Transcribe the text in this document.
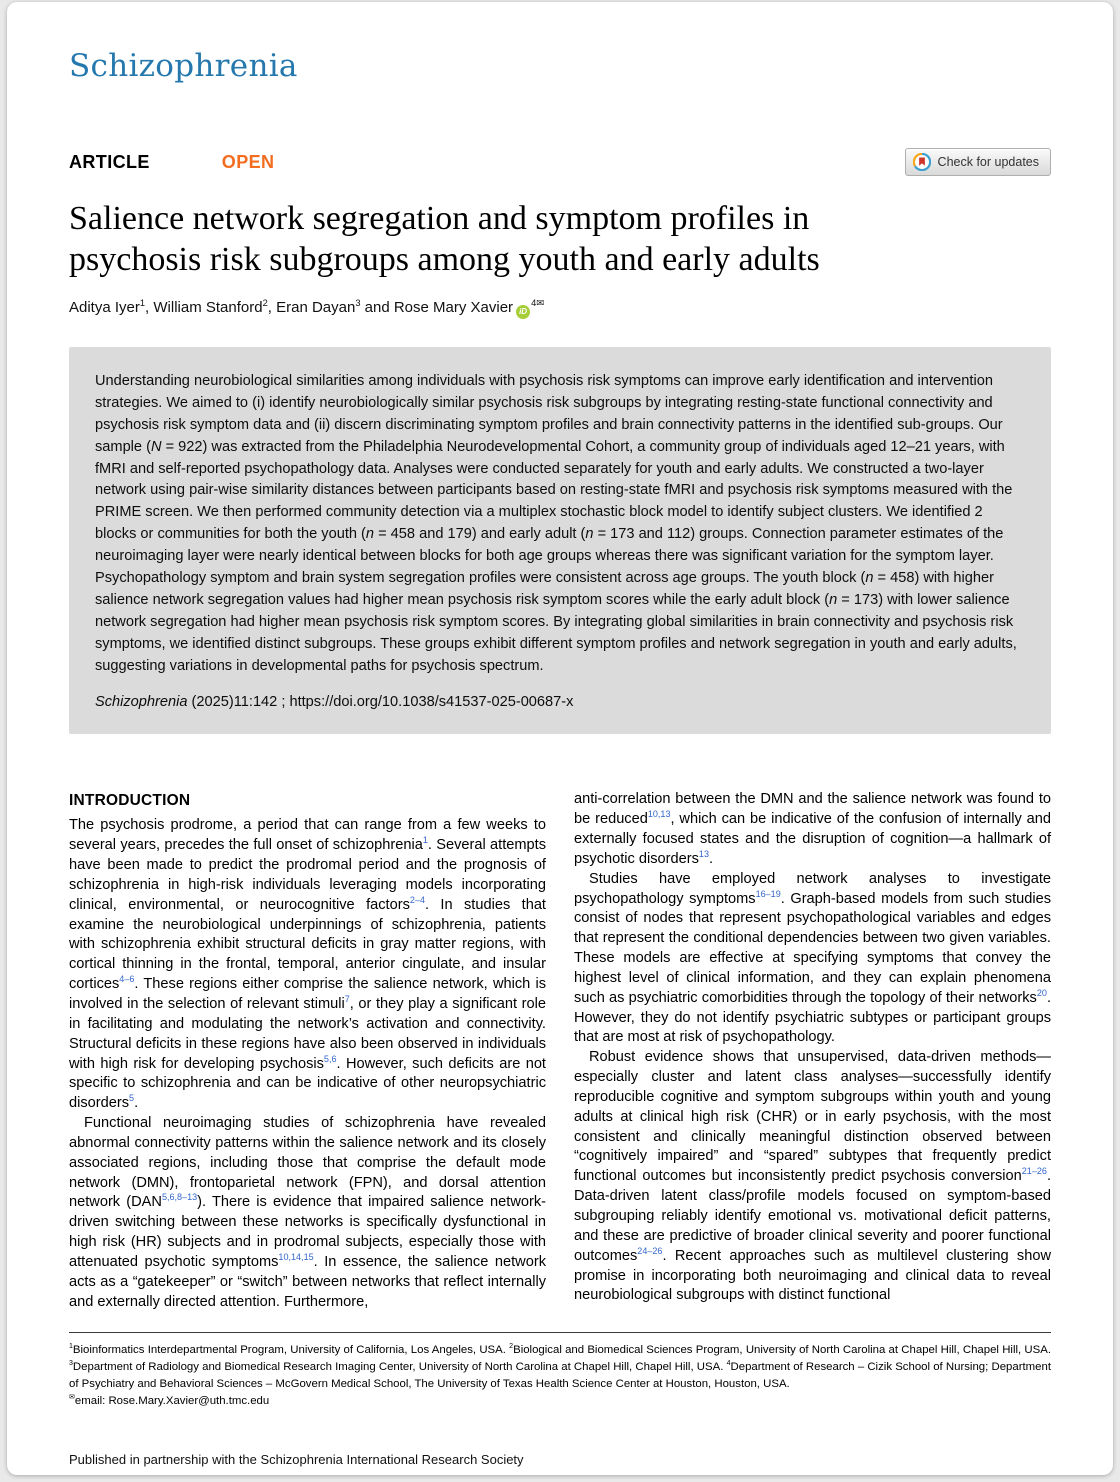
Schizophrenia
ARTICLE	OPEN	Check for updates
Salience network segregation and symptom profiles in
psychosis risk subgroups among youth and early adults
Aditya Iyer$^1$, William Stanford$^2$, Eran Dayan$^3$ and Rose Mary Xavier $iD^{4✉}$
Understanding neurobiological similarities among individuals with psychosis risk symptoms can improve early identification and intervention strategies. We aimed to (i) identify neurobiologically similar psychosis risk subgroups by integrating resting-state functional connectivity and psychosis risk symptom data and (ii) discern discriminating symptom profiles and brain connectivity patterns in the identified sub-groups. Our sample (N = 922) was extracted from the Philadelphia Neurodevelopmental Cohort, a community group of individuals aged 12–21 years, with fMRI and self-reported psychopathology data. Analyses were conducted separately for youth and early adults. We constructed a two-layer network using pair-wise similarity distances between participants based on resting-state fMRI and psychosis risk symptoms measured with the PRIME screen. We then performed community detection via a multiplex stochastic block model to identify subject clusters. We identified 2 blocks or communities for both the youth (n = 458 and 179) and early adult (n = 173 and 112) groups. Connection parameter estimates of the neuroimaging layer were nearly identical between blocks for both age groups whereas there was significant variation for the symptom layer. Psychopathology symptom and brain system segregation profiles were consistent across age groups. The youth block (n = 458) with higher salience network segregation values had higher mean psychosis risk symptom scores while the early adult block (n = 173) with lower salience network segregation had higher mean psychosis risk symptom scores. By integrating global similarities in brain connectivity and psychosis risk symptoms, we identified distinct subgroups. These groups exhibit different symptom profiles and network segregation in youth and early adults, suggesting variations in developmental paths for psychosis spectrum.
Schizophrenia (2025)11:142 ; https://doi.org/10.1038/s41537-025-00687-x
INTRODUCTION

The psychosis prodrome, a period that can range from a few weeks to several years, precedes the full onset of schizophrenia$^1$. Several attempts have been made to predict the prodromal period and the prognosis of schizophrenia in high-risk individuals leveraging models incorporating clinical, environmental, or neurocognitive factors$^{2-4}$. In studies that examine the neurobiological underpinnings of schizophrenia, patients with schizophrenia exhibit structural deficits in gray matter regions, with cortical thinning in the frontal, temporal, anterior cingulate, and insular cortices$^{4-6}$. These regions either comprise the salience network, which is involved in the selection of relevant stimuli$^7$, or they play a significant role in facilitating and modulating the network’s activation and connectivity. Structural deficits in these regions have also been observed in individuals with high risk for developing psychosis$^{5,6}$. However, such deficits are not specific to schizophrenia and can be indicative of other neuropsychiatric disorders$^5$.

Functional neuroimaging studies of schizophrenia have revealed abnormal connectivity patterns within the salience network and its closely associated regions, including those that comprise the default mode network (DMN), frontoparietal network (FPN), and dorsal attention network (DAN$^{5,6,8-13}$). There is evidence that impaired salience network-driven switching between these networks is specifically dysfunctional in high risk (HR) subjects and in prodromal subjects, especially those with attenuated psychotic symptoms$^{10,14,15}$. In essence, the salience network acts as a “gatekeeper” or “switch” between networks that reflect internally and externally directed attention. Furthermore,

anti-correlation between the DMN and the salience network was found to be reduced$^{10,13}$, which can be indicative of the confusion of internally and externally focused states and the disruption of cognition—a hallmark of psychotic disorders$^{13}$.

Studies have employed network analyses to investigate psychopathology symptoms$^{16-19}$. Graph-based models from such studies consist of nodes that represent psychopathological variables and edges that represent the conditional dependencies between two given variables. These models are effective at specifying symptoms that convey the highest level of clinical information, and they can explain phenomena such as psychiatric comorbidities through the topology of their networks$^{20}$. However, they do not identify psychiatric subtypes or participant groups that are most at risk of psychopathology.

Robust evidence shows that unsupervised, data-driven methods—especially cluster and latent class analyses—successfully identify reproducible cognitive and symptom subgroups within youth and young adults at clinical high risk (CHR) or in early psychosis, with the most consistent and clinically meaningful distinction observed between “cognitively impaired” and “spared” subtypes that frequently predict functional outcomes but inconsistently predict psychosis conversion$^{21-26}$. Data-driven latent class/profile models focused on symptom-based subgrouping reliably identify emotional vs. motivational deficit patterns, and these are predictive of broader clinical severity and poorer functional outcomes$^{24-26}$. Recent approaches such as multilevel clustering show promise in incorporating both neuroimaging and clinical data to reveal neurobiological subgroups with distinct functional

$^1$Bioinformatics Interdepartmental Program, University of California, Los Angeles, USA. $^2$Biological and Biomedical Sciences Program, University of North Carolina at Chapel Hill, Chapel Hill, USA. $^3$Department of Radiology and Biomedical Research Imaging Center, University of North Carolina at Chapel Hill, Chapel Hill, USA. $^4$Department of Research – Cizik School of Nursing; Department of Psychiatry and Behavioral Sciences – McGovern Medical School, The University of Texas Health Science Center at Houston, Houston, USA.
✉email: Rose.Mary.Xavier@uth.tmc.edu
Published in partnership with the Schizophrenia International Research Society
